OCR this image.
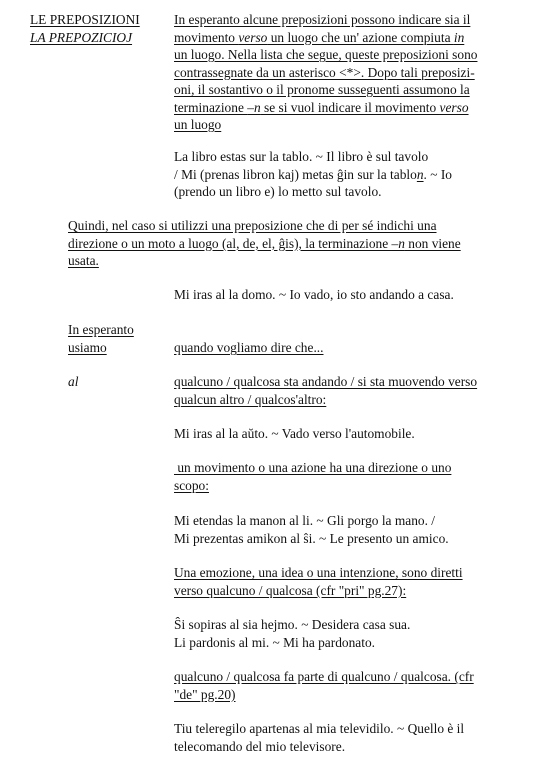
LE PREPOSIZIONI

LA PREPOZICIOJ

In esperanto alcune preposizioni possono indicare sia il

movimento verso un luogo che un' azione compiuta in

un luogo. Nella lista che segue, queste preposizioni sono

contrassegnate da un asterisco <*>. Dopo tali preposizi-

oni, il sostantivo o il pronome susseguenti assumono la

terminazione –n se si vuol indicare il movimento verso

un luogo

La libro estas sur la tablo. ~ Il libro è sul tavolo

/ Mi (prenas libron kaj) metas ĝin sur la tablon. ~ Io

(prendo un libro e) lo metto sul tavolo.

Quindi, nel caso si utilizzi una preposizione che di per sé indichi una

direzione o un moto a luogo (al, de, el, ĝis), la terminazione –n non viene

usata.

Mi iras al la domo. ~ Io vado, io sto andando a casa.

In esperanto

usiamo	quando vogliamo dire che...

al	qualcuno / qualcosa sta andando / si sta muovendo verso

qualcun altro / qualcos'altro:

Mi iras al la aŭto. ~ Vado verso l'automobile.

un movimento o una azione ha una direzione o uno

scopo:

Mi etendas la manon al li. ~ Gli porgo la mano. /

Mi prezentas amikon al ŝi. ~ Le presento un amico.

Una emozione, una idea o una intenzione, sono diretti

verso qualcuno / qualcosa (cfr "pri" pg.27):

Ŝi sopiras al sia hejmo. ~ Desidera casa sua.

Li pardonis al mi. ~ Mi ha pardonato.

qualcuno / qualcosa fa parte di qualcuno / qualcosa. (cfr

"de" pg.20)

Tiu teleregilo apartenas al mia televidilo. ~ Quello è il

telecomando del mio televisore.
